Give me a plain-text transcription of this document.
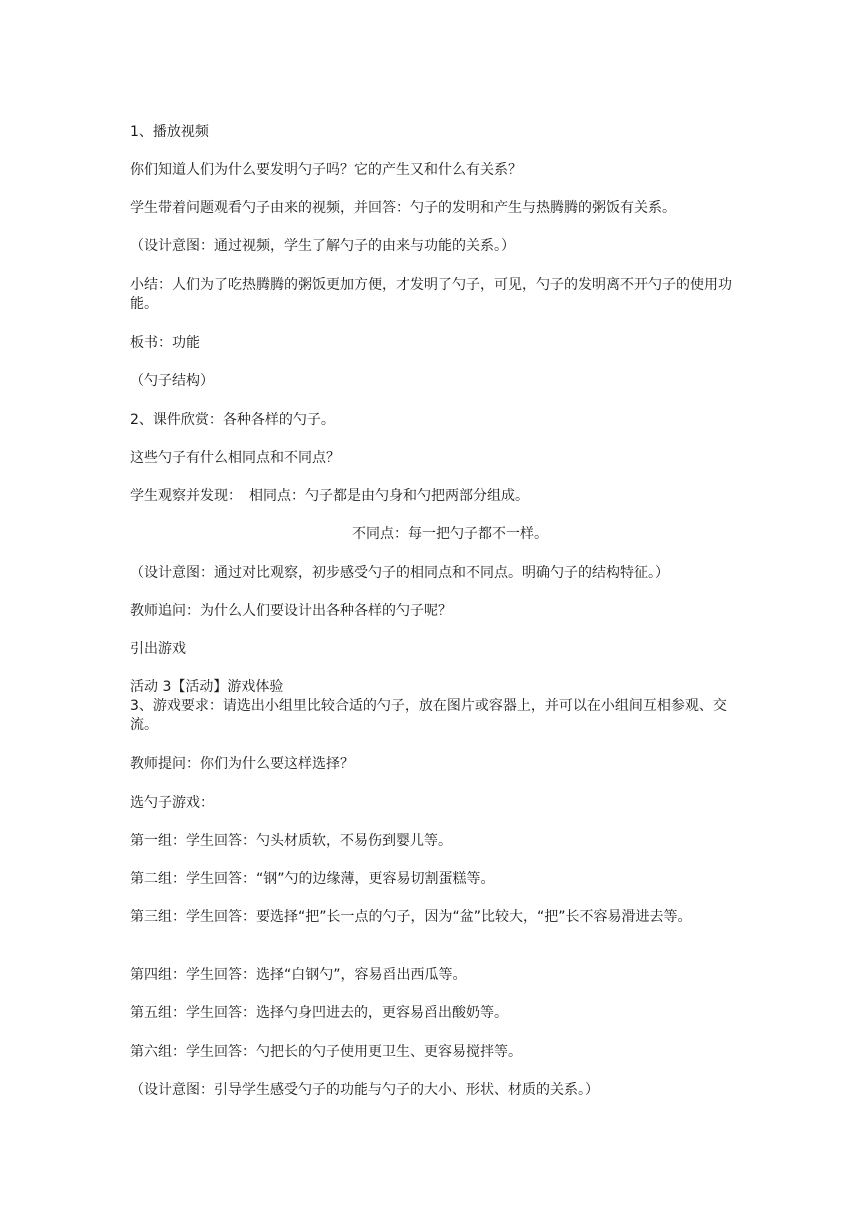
1、播放视频

你们知道人们为什么要发明勺子吗？它的产生又和什么有关系？

学生带着问题观看勺子由来的视频，并回答：勺子的发明和产生与热腾腾的粥饭有关系。

（设计意图：通过视频，学生了解勺子的由来与功能的关系。）

小结：人们为了吃热腾腾的粥饭更加方便，才发明了勺子，可见，勺子的发明离不开勺子的使用功能。

板书：功能

（勺子结构）

2、课件欣赏：各种各样的勺子。

这些勺子有什么相同点和不同点？

学生观察并发现：　相同点：勺子都是由勺身和勺把两部分组成。

不同点：每一把勺子都不一样。

（设计意图：通过对比观察，初步感受勺子的相同点和不同点。明确勺子的结构特征。）

教师追问：为什么人们要设计出各种各样的勺子呢？

引出游戏

活动 3【活动】游戏体验

3、游戏要求：请选出小组里比较合适的勺子，放在图片或容器上，并可以在小组间互相参观、交流。

教师提问：你们为什么要这样选择？

选勺子游戏：

第一组：学生回答：勺头材质软，不易伤到婴儿等。

第二组：学生回答：“钢”勺的边缘薄，更容易切割蛋糕等。

第三组：学生回答：要选择“把”长一点的勺子，因为“盆”比较大，“把”长不容易滑进去等。

第四组：学生回答：选择“白钢勺”，容易舀出西瓜等。

第五组：学生回答：选择勺身凹进去的，更容易舀出酸奶等。

第六组：学生回答：勺把长的勺子使用更卫生、更容易搅拌等。

（设计意图：引导学生感受勺子的功能与勺子的大小、形状、材质的关系。）
